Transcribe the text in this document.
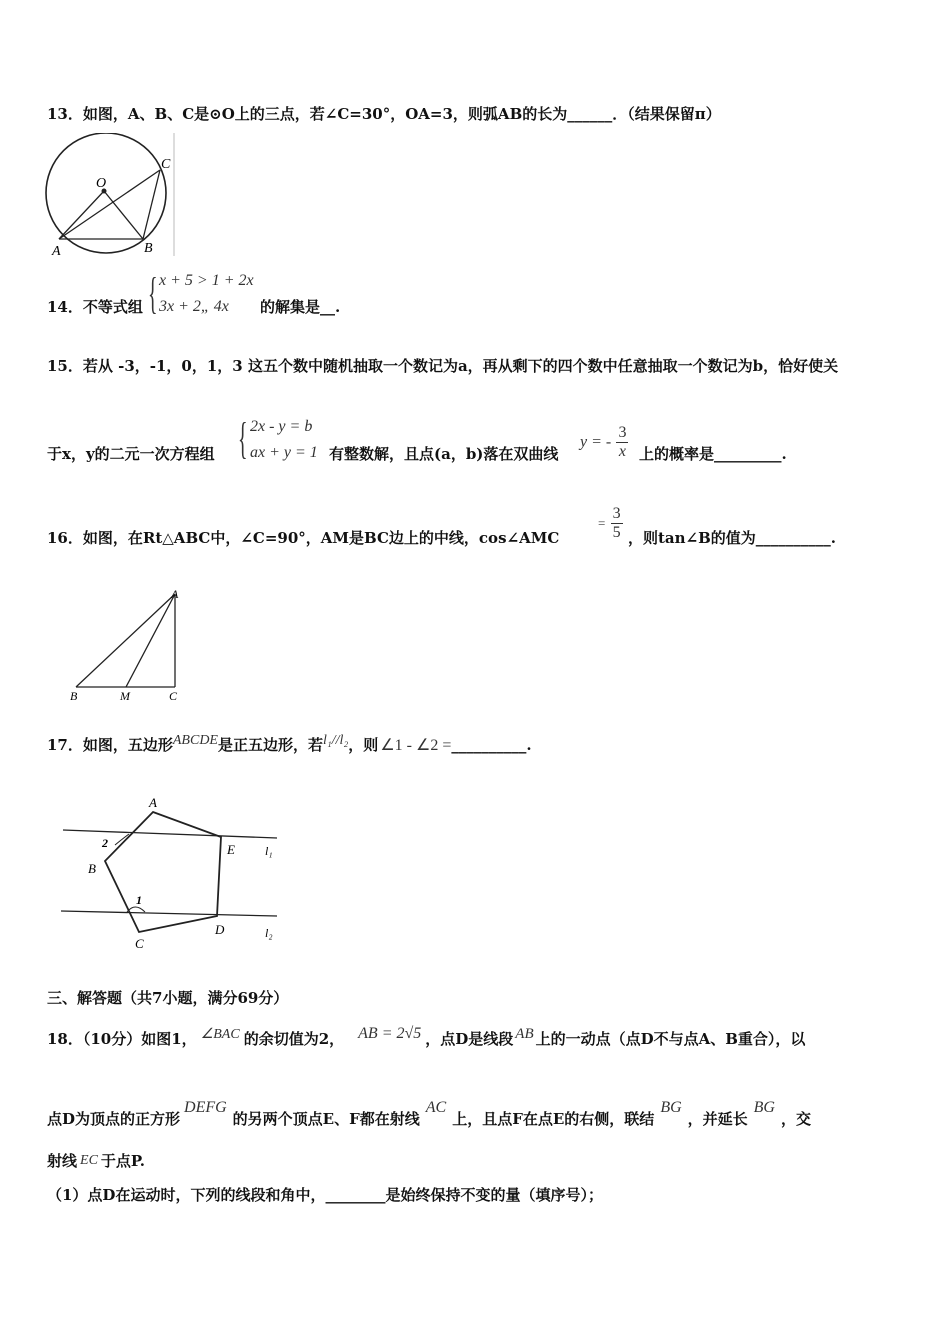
13．如图，A、B、C是⊙O上的三点，若∠C=30°，OA=3，则弧AB的长为______．（结果保留π）
O
A	B
C
14．不等式组 { x + 5 > 1 + 2x
3x + 2„ 4x	的解集是__.
15．若从 -3，-1，0，1，3 这五个数中随机抽取一个数记为a，再从剩下的四个数中任意抽取一个数记为b，恰好使关
于x，y的二元一次方程组 { 2x - y = b
ax + y = 1 有整数解，且点(a，b)落在双曲线
y = - $\frac{3}{x}$ 上的概率是_________.
16．如图，在Rt△ABC中，∠C=90°，AM是BC边上的中线，cos∠AMC
= $\frac{3}{5}$ ，则tan∠B的值为__________.
A
B	M	C
17．如图，五边形ABCDE是正五边形，若l₁//l₂，则 ∠1 - ∠2 =__________.
A
B
C
D
E
1
2
l₁
l₂
三、解答题（共7小题，满分69分）
18．（10分）如图1， ∠BAC 的余切值为2， AB = 2√5 ，点D是线段 AB 上的一动点（点D不与点A、B重合），以
点D为顶点的正方形DEFG的另两个顶点E、F都在射线AC上，且点F在点E的右侧，联结BG，并延长BG，交
射线 EC 于点P.
（1）点D在运动时，下列的线段和角中，________是始终保持不变的量（填序号）；
